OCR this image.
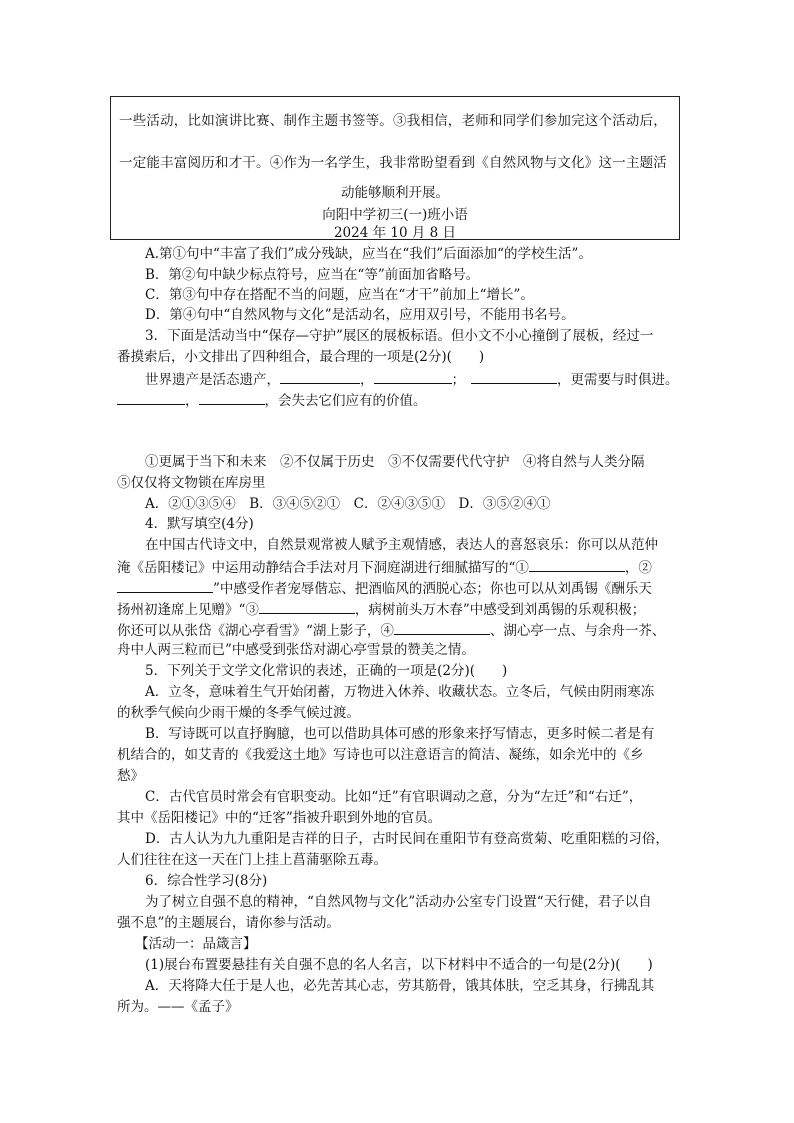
一些活动，比如演讲比赛、制作主题书签等。③我相信，老师和同学们参加完这个活动后，
一定能丰富阅历和才干。④作为一名学生，我非常盼望看到《自然风物与文化》这一主题活
动能够顺利开展。
向阳中学初三(一)班小语
2024 年 10 月 8 日
A.第①句中“丰富了我们”成分残缺，应当在“我们”后面添加“的学校生活”。
B．第②句中缺少标点符号，应当在“等”前面加省略号。
C．第③句中存在搭配不当的问题，应当在“才干”前加上“增长”。
D．第④句中“自然风物与文化”是活动名，应用双引号，不能用书名号。
3．下面是活动当中“保存—守护”展区的展板标语。但小文不小心撞倒了展板，经过一
番摸索后，小文排出了四种组合，最合理的一项是(2分)(　　)
世界遗产是活态遗产，	，	；	，更需要与时俱进。
，	，会失去它们应有的价值。
①更属于当下和未来　②不仅属于历史　③不仅需要代代守护　④将自然与人类分隔
⑤仅仅将文物锁在库房里
A．②①③⑤④　B．③④⑤②①　C．②④③⑤①　D．③⑤②④①
4．默写填空(4分)
在中国古代诗文中，自然景观常被人赋予主观情感，表达人的喜怒哀乐：你可以从范仲
淹《岳阳楼记》中运用动静结合手法对月下洞庭湖进行细腻描写的“①	，②
”中感受作者宠辱偕忘、把酒临风的洒脱心态；你也可以从刘禹锡《酬乐天
扬州初逢席上见赠》“③	，病树前头万木春”中感受到刘禹锡的乐观积极；
你还可以从张岱《湖心亭看雪》“湖上影子，④	、湖心亭一点、与余舟一芥、
舟中人两三粒而已”中感受到张岱对湖心亭雪景的赞美之情。
5．下列关于文学文化常识的表述，正确的一项是(2分)(　　)
A．立冬，意味着生气开始闭蓄，万物进入休养、收藏状态。立冬后，气候由阴雨寒冻
的秋季气候向少雨干燥的冬季气候过渡。
B．写诗既可以直抒胸臆，也可以借助具体可感的形象来抒写情志，更多时候二者是有
机结合的，如艾青的《我爱这土地》写诗也可以注意语言的简洁、凝练，如余光中的《乡
愁》
C．古代官员时常会有官职变动。比如“迁”有官职调动之意，分为“左迁”和“右迁”，
其中《岳阳楼记》中的“迁客”指被升职到外地的官员。
D．古人认为九九重阳是吉祥的日子，古时民间在重阳节有登高赏菊、吃重阳糕的习俗，
人们往往在这一天在门上挂上菖蒲驱除五毒。
6．综合性学习(8分)
为了树立自强不息的精神，“自然风物与文化”活动办公室专门设置“天行健，君子以自
强不息”的主题展台，请你参与活动。
【活动一：品箴言】
(1)展台布置要悬挂有关自强不息的名人名言，以下材料中不适合的一句是(2分)(　　)
A．天将降大任于是人也，必先苦其心志，劳其筋骨，饿其体肤，空乏其身，行拂乱其
所为。——《孟子》
